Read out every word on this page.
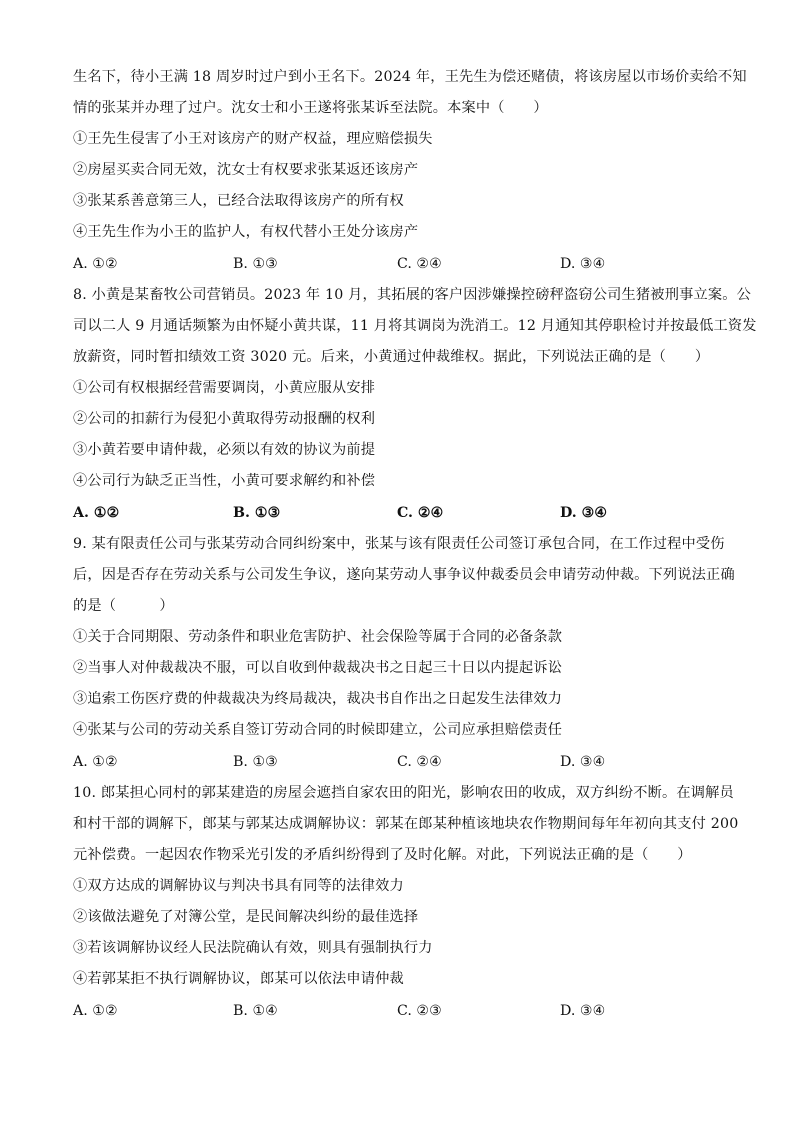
生名下，待小王满 18 周岁时过户到小王名下。2024 年，王先生为偿还赌债，将该房屋以市场价卖给不知
情的张某并办理了过户。沈女士和小王遂将张某诉至法院。本案中（　　）
①王先生侵害了小王对该房产的财产权益，理应赔偿损失
②房屋买卖合同无效，沈女士有权要求张某返还该房产
③张某系善意第三人，已经合法取得该房产的所有权
④王先生作为小王的监护人，有权代替小王处分该房产
A. ①②	B. ①③	C. ②④	D. ③④
8. 小黄是某畜牧公司营销员。2023 年 10 月，其拓展的客户因涉嫌操控磅秤盗窃公司生猪被刑事立案。公
司以二人 9 月通话频繁为由怀疑小黄共谋，11 月将其调岗为洗消工。12 月通知其停职检讨并按最低工资发
放薪资，同时暂扣绩效工资 3020 元。后来，小黄通过仲裁维权。据此，下列说法正确的是（　　）
①公司有权根据经营需要调岗，小黄应服从安排
②公司的扣薪行为侵犯小黄取得劳动报酬的权利
③小黄若要申请仲裁，必须以有效的协议为前提
④公司行为缺乏正当性，小黄可要求解约和补偿
A. ①②	B. ①③	C. ②④	D. ③④
9. 某有限责任公司与张某劳动合同纠纷案中，张某与该有限责任公司签订承包合同，在工作过程中受伤
后，因是否存在劳动关系与公司发生争议，遂向某劳动人事争议仲裁委员会申请劳动仲裁。下列说法正确
的是（　　　）
①关于合同期限、劳动条件和职业危害防护、社会保险等属于合同的必备条款
②当事人对仲裁裁决不服，可以自收到仲裁裁决书之日起三十日以内提起诉讼
③追索工伤医疗费的仲裁裁决为终局裁决，裁决书自作出之日起发生法律效力
④张某与公司的劳动关系自签订劳动合同的时候即建立，公司应承担赔偿责任
A. ①②	B. ①③	C. ②④	D. ③④
10. 郎某担心同村的郭某建造的房屋会遮挡自家农田的阳光，影响农田的收成，双方纠纷不断。在调解员
和村干部的调解下，郎某与郭某达成调解协议：郭某在郎某种植该地块农作物期间每年年初向其支付 200
元补偿费。一起因农作物采光引发的矛盾纠纷得到了及时化解。对此，下列说法正确的是（　　）
①双方达成的调解协议与判决书具有同等的法律效力
②该做法避免了对簿公堂，是民间解决纠纷的最佳选择
③若该调解协议经人民法院确认有效，则具有强制执行力
④若郭某拒不执行调解协议，郎某可以依法申请仲裁
A. ①②	B. ①④	C. ②③	D. ③④
